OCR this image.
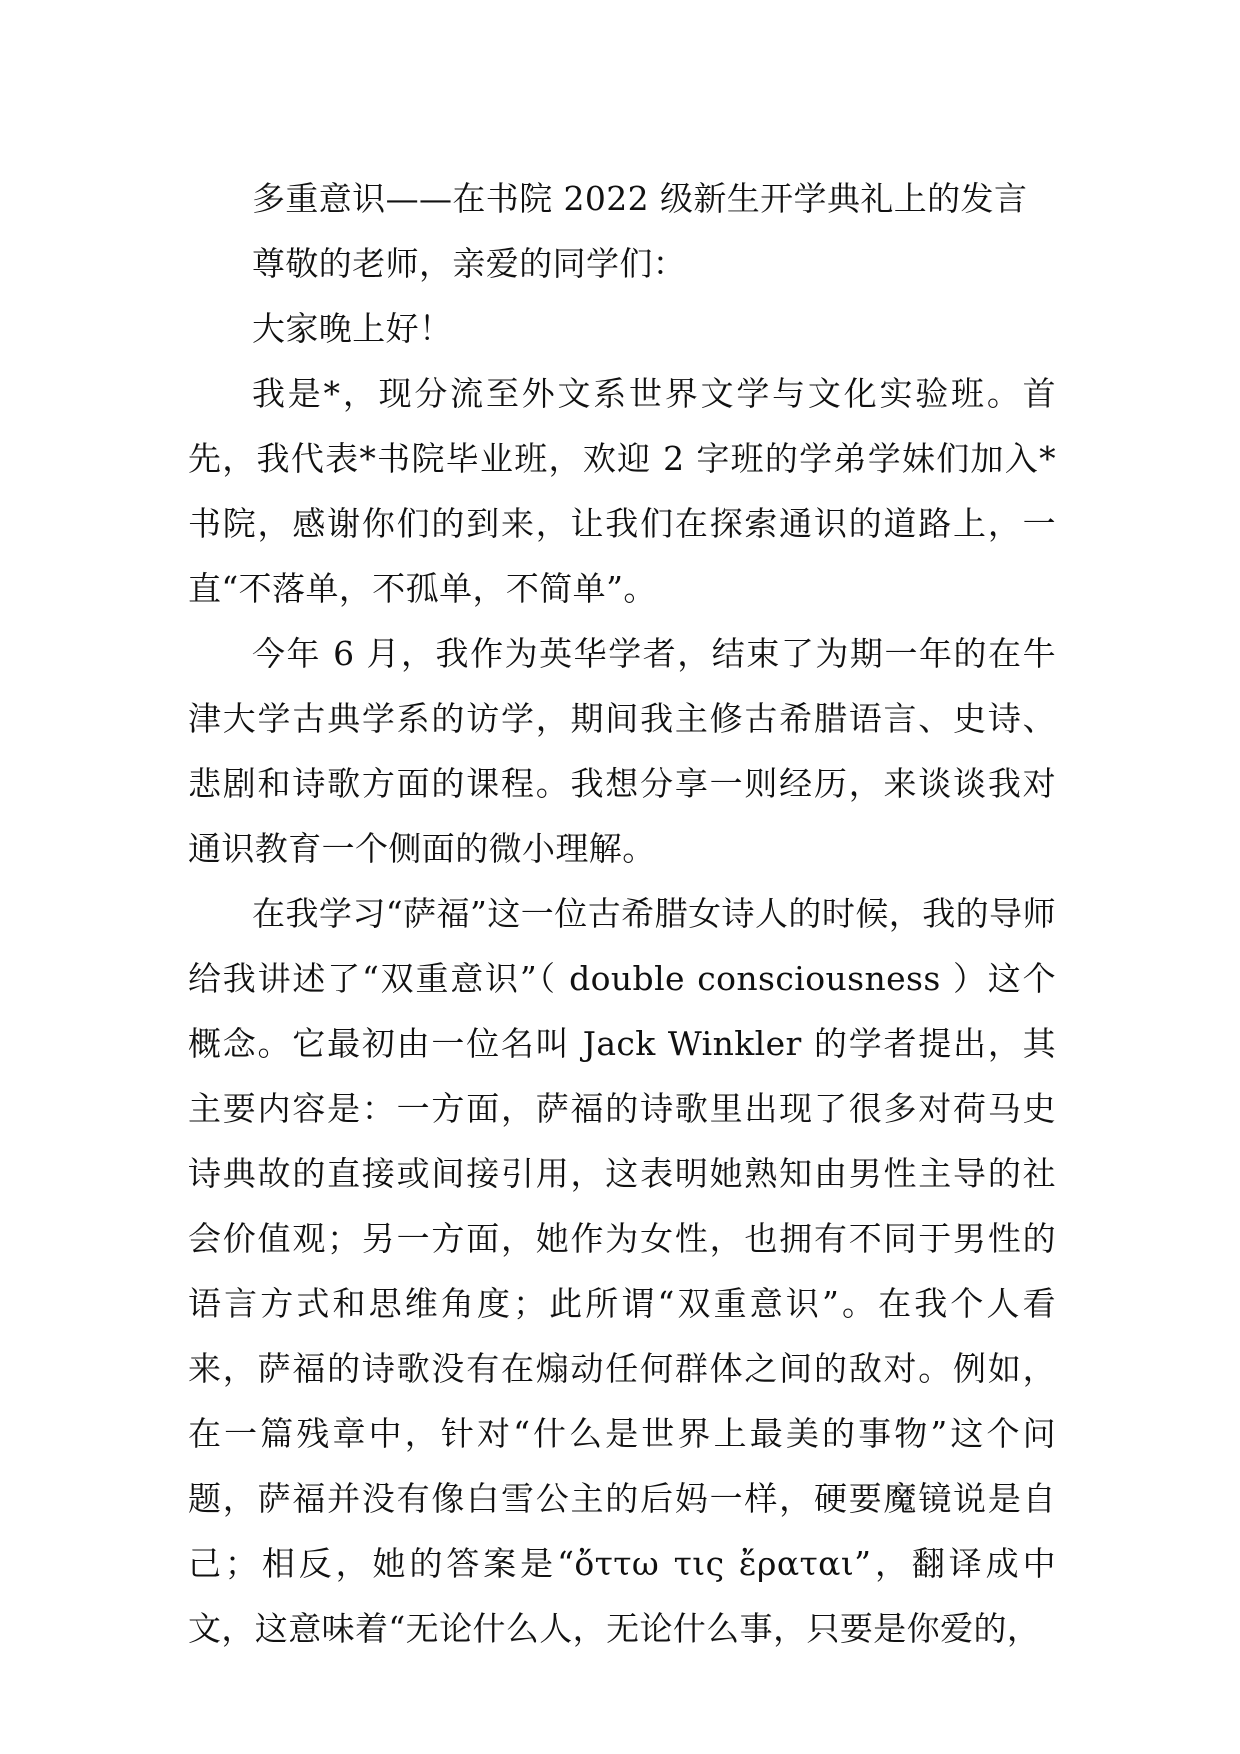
多重意识——在书院 2022 级新生开学典礼上的发言

尊敬的老师，亲爱的同学们：

大家晚上好！

我是*，现分流至外文系世界文学与文化实验班。首先，我代表*书院毕业班，欢迎 2 字班的学弟学妹们加入*书院，感谢你们的到来，让我们在探索通识的道路上，一直“不落单，不孤单，不简单”。

今年 6 月，我作为英华学者，结束了为期一年的在牛津大学古典学系的访学，期间我主修古希腊语言、史诗、悲剧和诗歌方面的课程。我想分享一则经历，来谈谈我对通识教育一个侧面的微小理解。

在我学习“萨福”这一位古希腊女诗人的时候，我的导师给我讲述了“双重意识”（ double consciousness ）这个概念。它最初由一位名叫 Jack Winkler 的学者提出，其主要内容是：一方面，萨福的诗歌里出现了很多对荷马史诗典故的直接或间接引用，这表明她熟知由男性主导的社会价值观；另一方面，她作为女性，也拥有不同于男性的语言方式和思维角度；此所谓“双重意识”。在我个人看来，萨福的诗歌没有在煽动任何群体之间的敌对。例如，在一篇残章中，针对“什么是世界上最美的事物”这个问题，萨福并没有像白雪公主的后妈一样，硬要魔镜说是自己；相反，她的答案是“ὄττω τις ἔραται”，翻译成中文，这意味着“无论什么人，无论什么事，只要是你爱的，
